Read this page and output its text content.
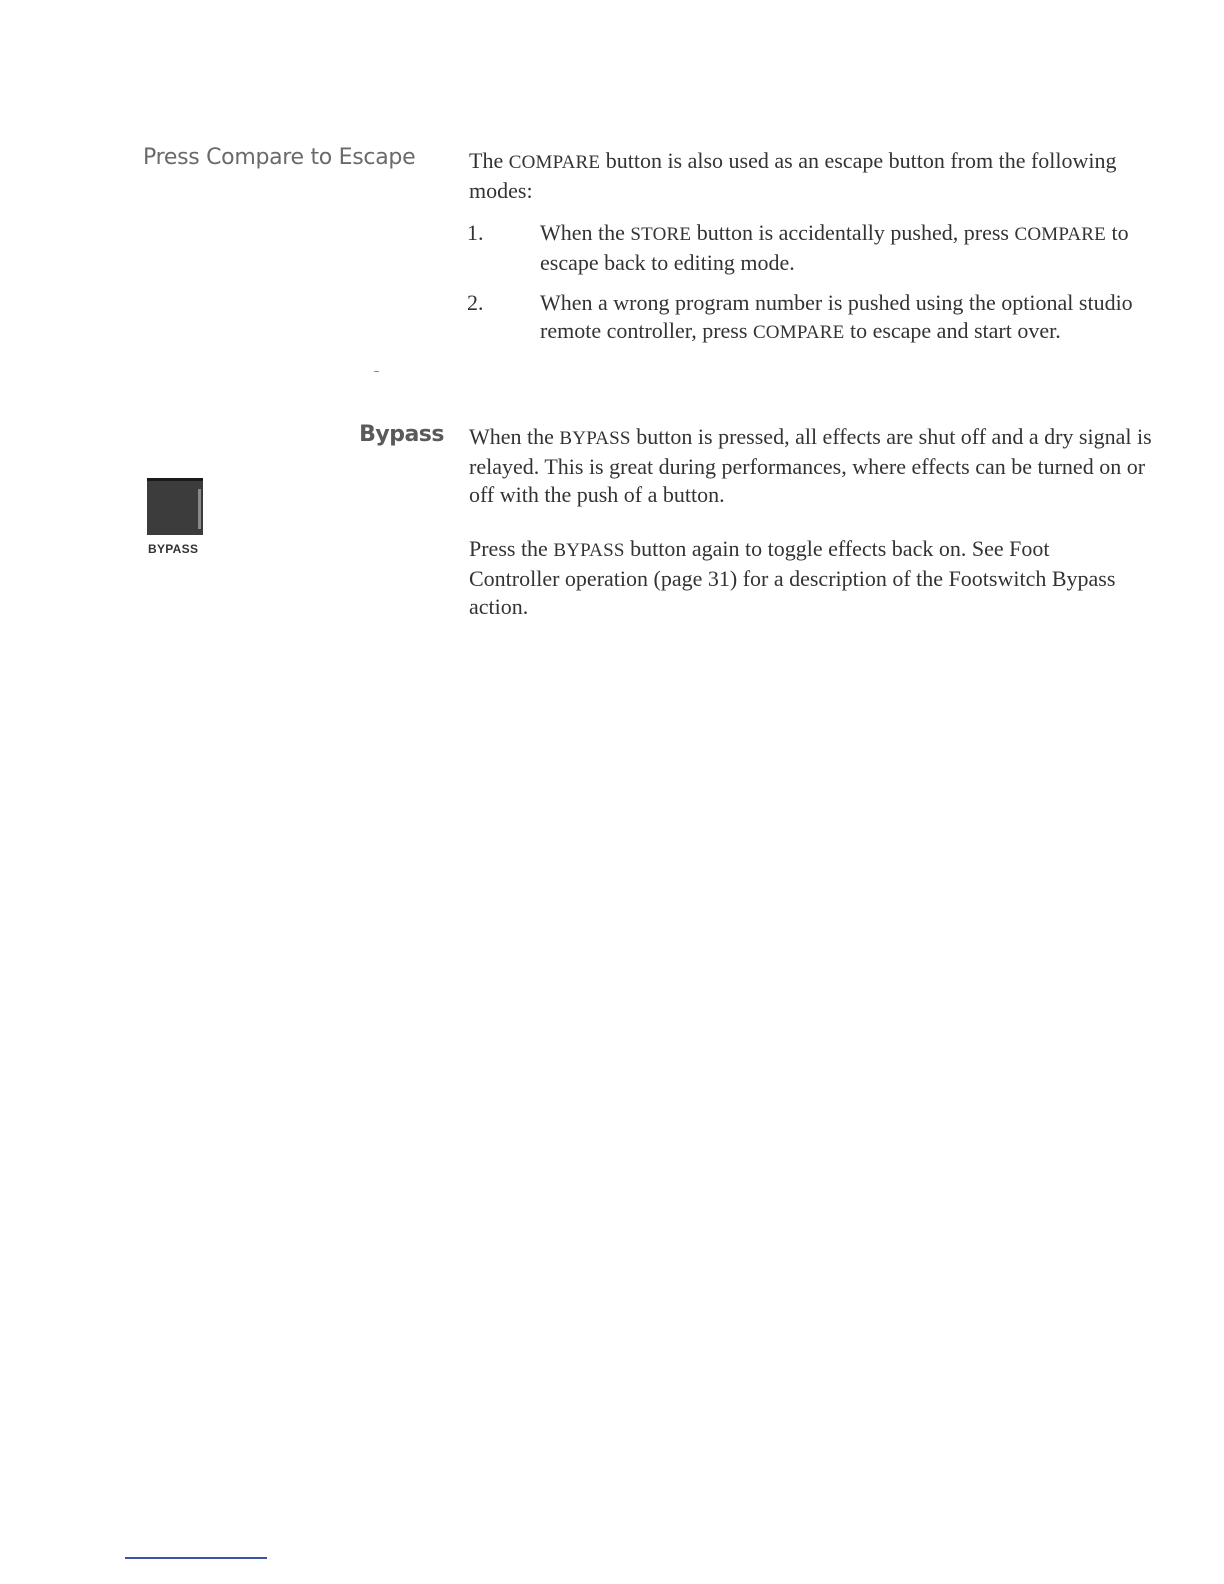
Press Compare to Escape The COMPARE button is also used as an escape button from the following modes:
1.	When the STORE button is accidentally pushed, press COMPARE to escape back to editing mode.
2.	When a wrong program number is pushed using the optional studio remote controller, press COMPARE to escape and start over.
Bypass
BYPASS
When the BYPASS button is pressed, all effects are shut off and a dry signal is relayed. This is great during performances, where effects can be turned on or off with the push of a button.
Press the BYPASS button again to toggle effects back on. See Foot Controller operation (page 31) for a description of the Footswitch Bypass action.
